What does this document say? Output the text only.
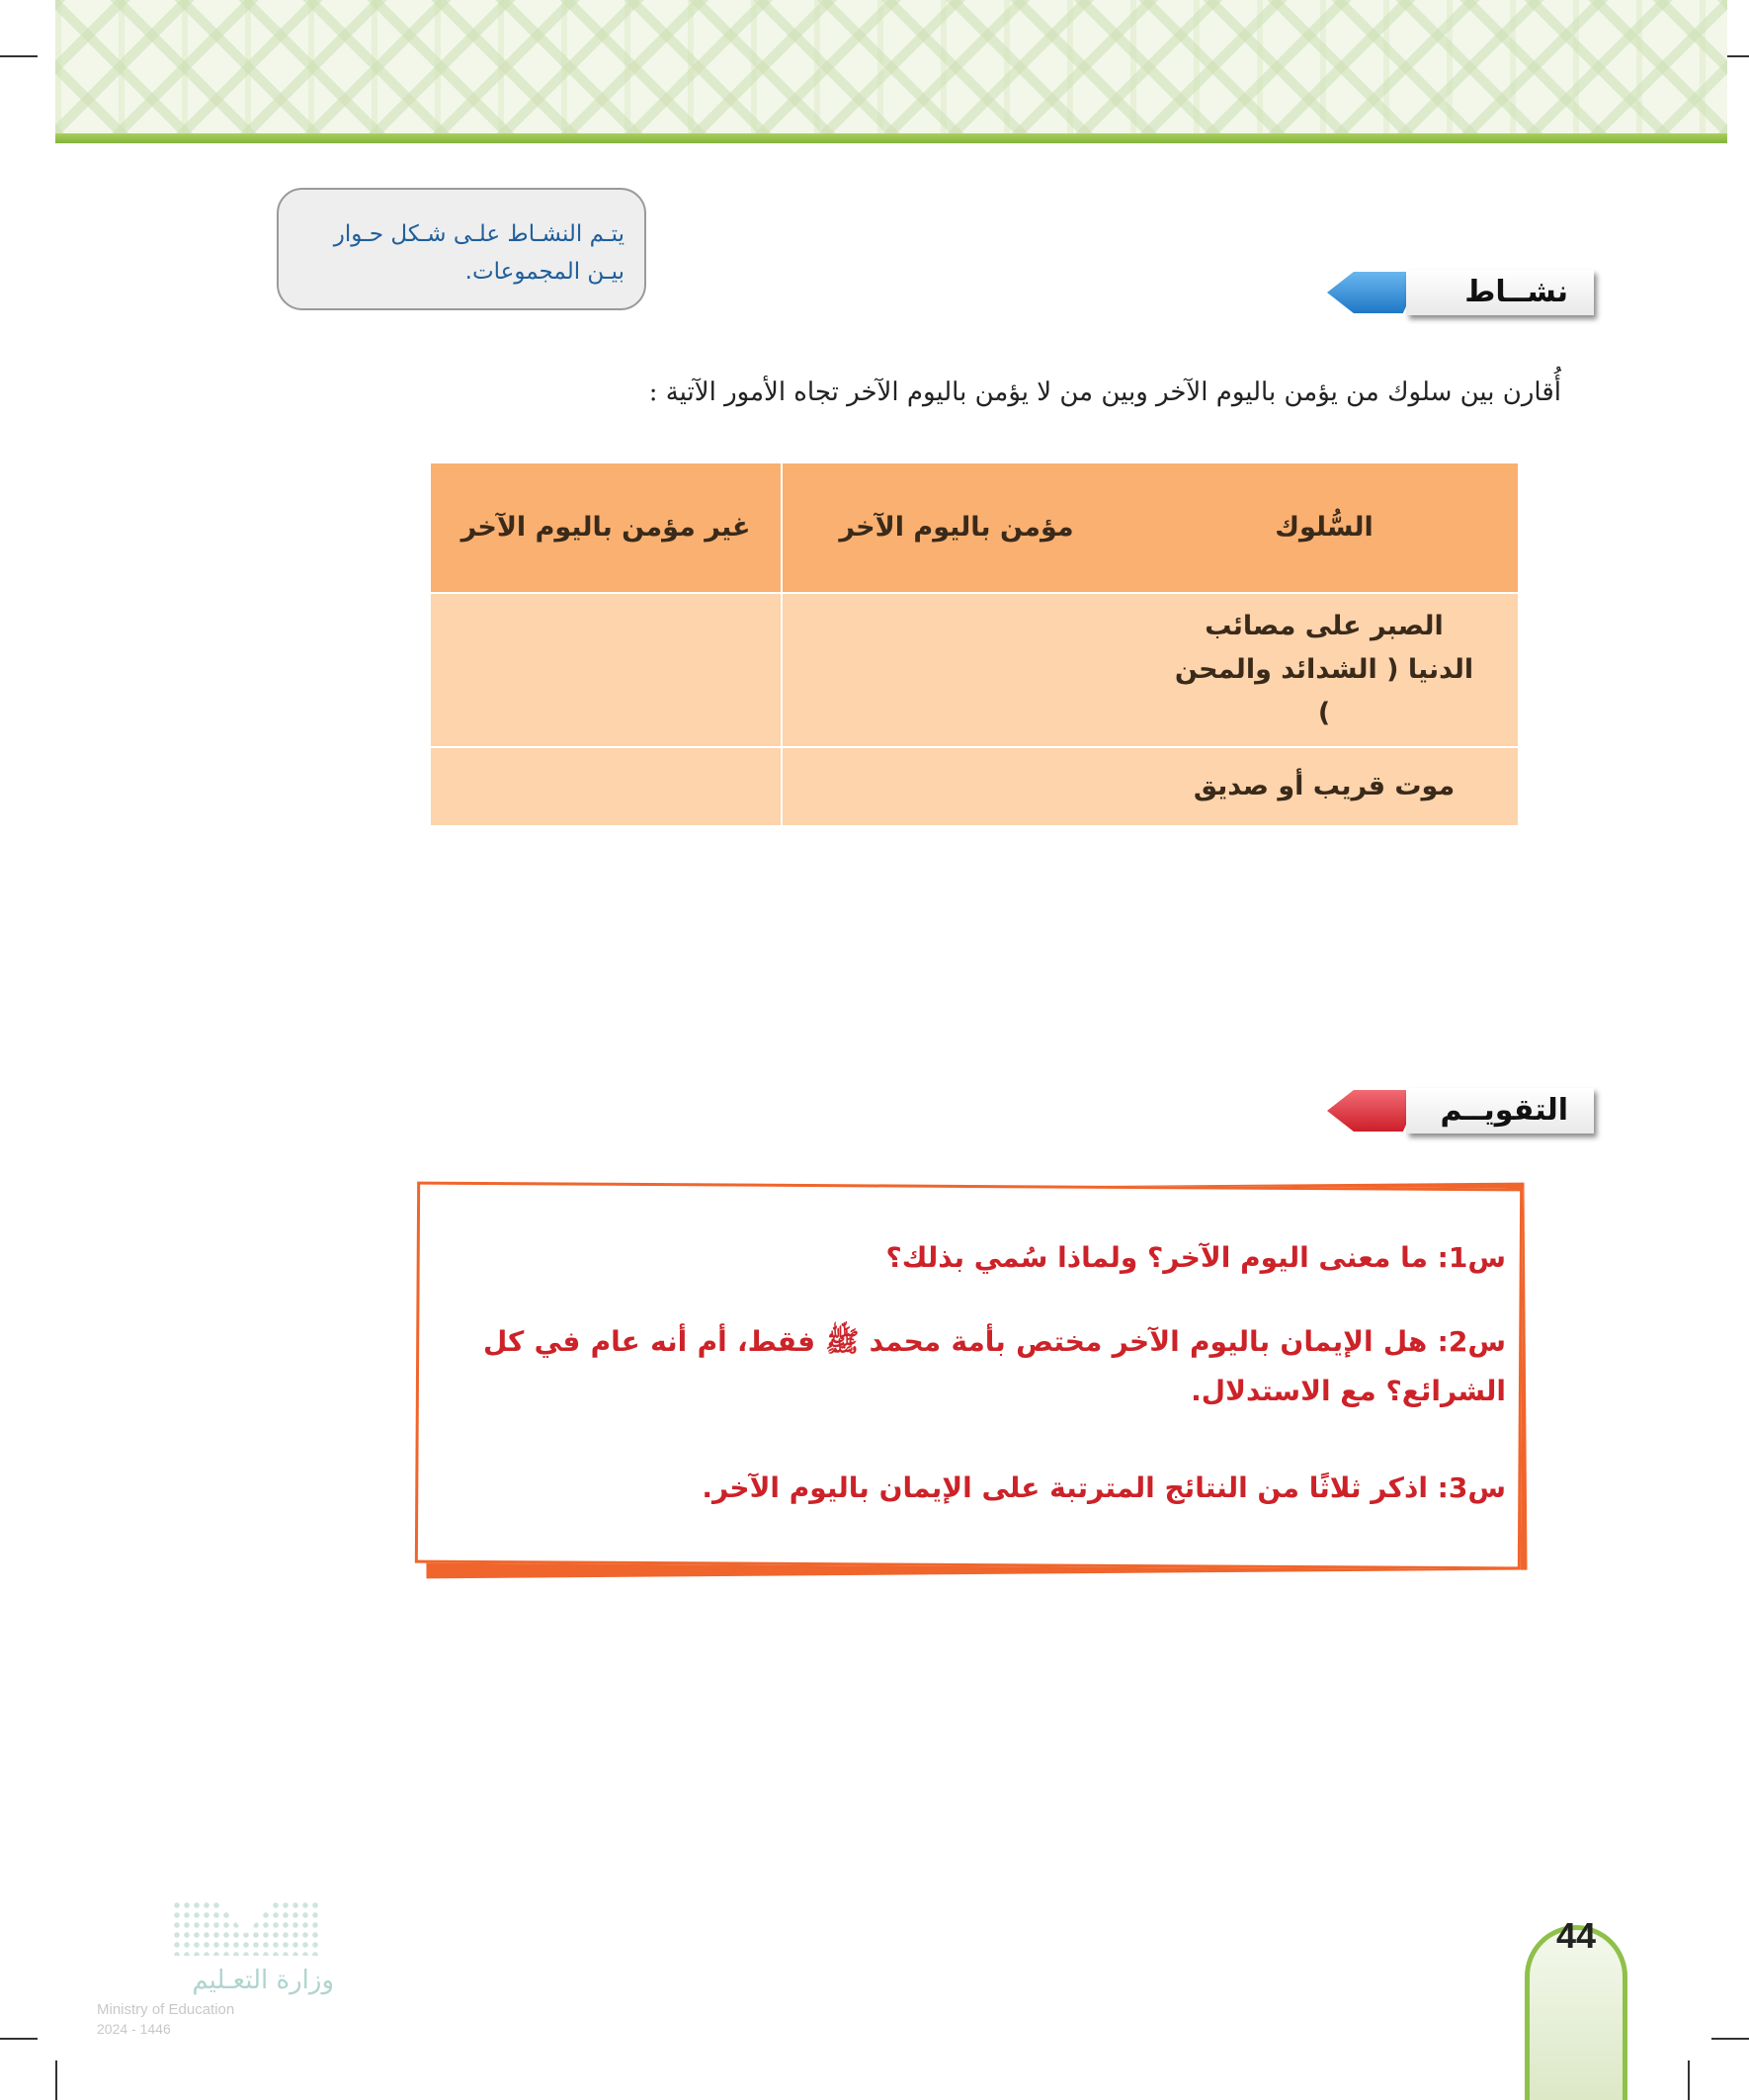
يتـم النشـاط علـى شـكل حـوار بيـن المجموعات.
نشــاط
أُقارن بين سلوك من يؤمن باليوم الآخر وبين من لا يؤمن باليوم الآخر تجاه الأمور الآتية :
السُّلوك
مؤمن باليوم الآخر
غير مؤمن باليوم الآخر
الصبر على مصائب الدنيا ( الشدائد والمحن )
موت قريب أو صديق
التقويــم
س1: ما معنى اليوم الآخر؟ ولماذا سُمي بذلك؟
س2: هل الإيمان باليوم الآخر مختص بأمة محمد ﷺ فقط، أم أنه عام في كل الشرائع؟ مع الاستدلال.
س3: اذكر ثلاثًا من النتائج المترتبة على الإيمان باليوم الآخر.
وزارة التعـليم
Ministry of Education
2024 - 1446
44
